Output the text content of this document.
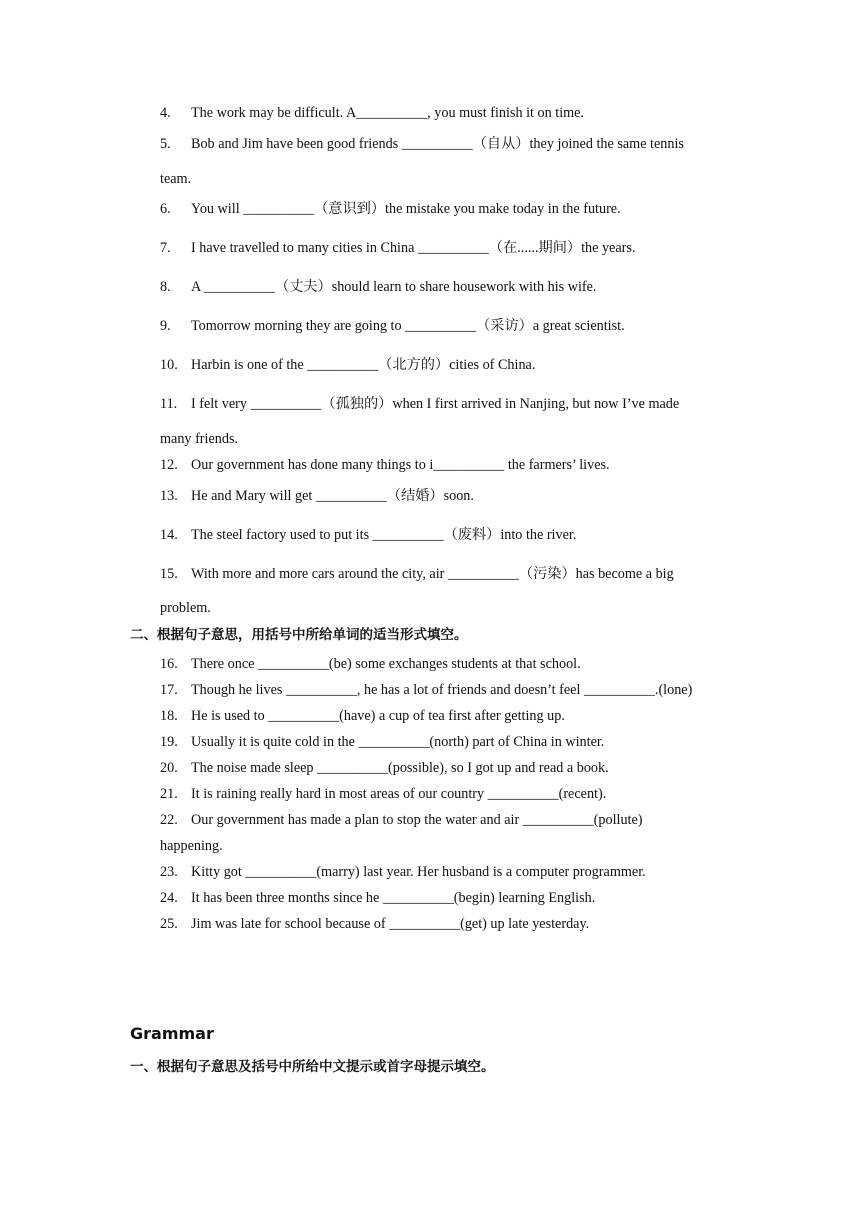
4. The work may be difficult. A__________, you must finish it on time.
5. Bob and Jim have been good friends __________（自从）they joined the same tennis
team.
6. You will __________（意识到）the mistake you make today in the future.
7. I have travelled to many cities in China __________（在......期间）the years.
8. A __________（丈夫）should learn to share housework with his wife.
9. Tomorrow morning they are going to __________（采访）a great scientist.
10. Harbin is one of the __________（北方的）cities of China.
11. I felt very __________（孤独的）when I first arrived in Nanjing, but now I’ve made
many friends.
12. Our government has done many things to i__________ the farmers’ lives.
13. He and Mary will get __________（结婚）soon.
14. The steel factory used to put its __________（废料）into the river.
15. With more and more cars around the city, air __________（污染）has become a big
problem.
二、根据句子意思，用括号中所给单词的适当形式填空。
16. There once __________(be) some exchanges students at that school.
17. Though he lives __________, he has a lot of friends and doesn’t feel __________.(lone)
18. He is used to __________(have) a cup of tea first after getting up.
19. Usually it is quite cold in the __________(north) part of China in winter.
20. The noise made sleep __________(possible), so I got up and read a book.
21. It is raining really hard in most areas of our country __________(recent).
22. Our government has made a plan to stop the water and air __________(pollute)
happening.
23. Kitty got __________(marry) last year. Her husband is a computer programmer.
24. It has been three months since he __________(begin) learning English.
25. Jim was late for school because of __________(get) up late yesterday.
Grammar
一、根据句子意思及括号中所给中文提示或首字母提示填空。
